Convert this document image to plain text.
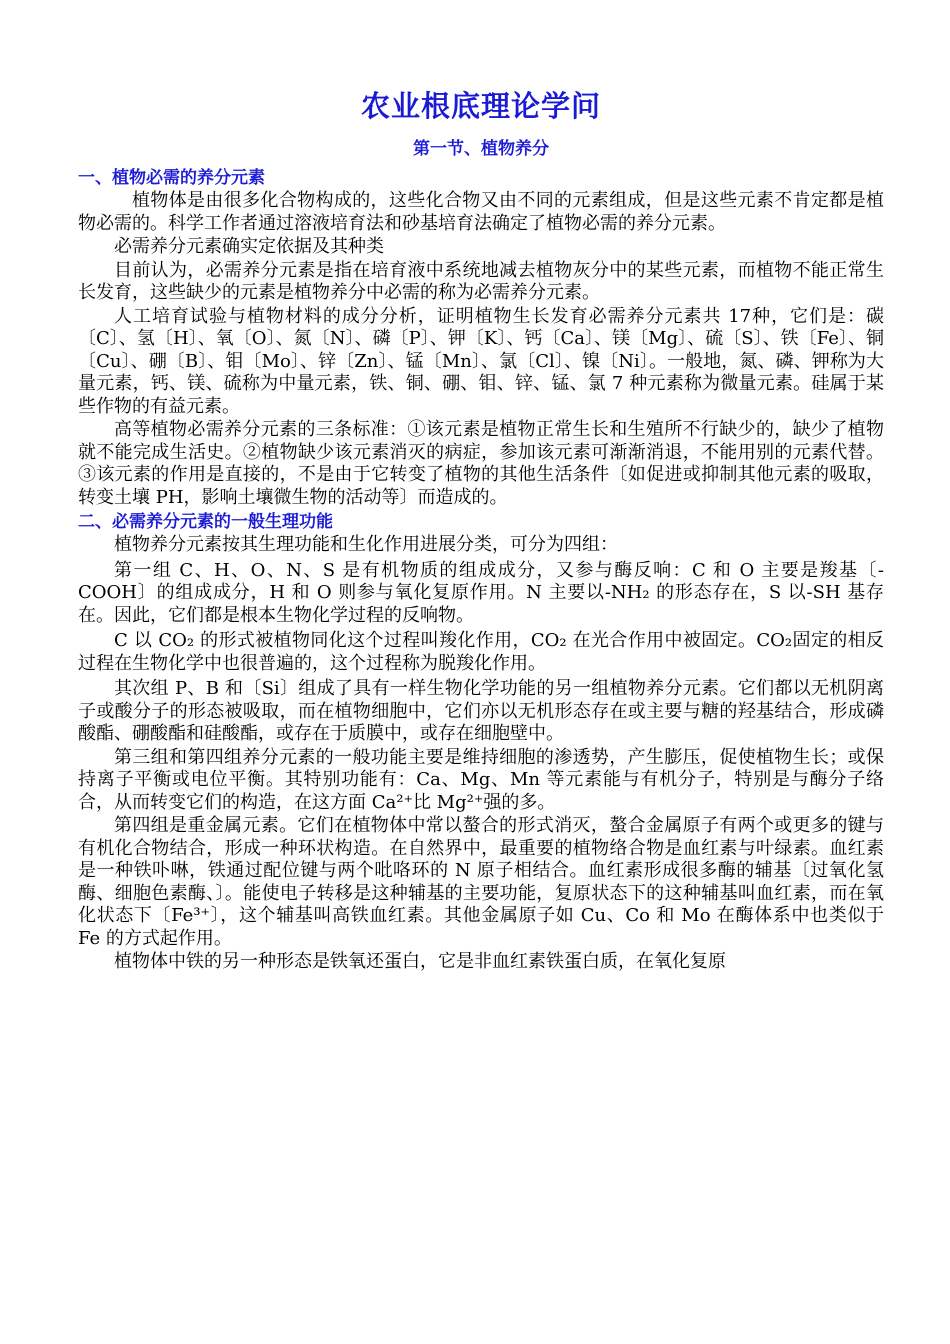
农业根底理论学问
第一节、植物养分
一、植物必需的养分元素

植物体是由很多化合物构成的，这些化合物又由不同的元素组成，但是这些元素不肯定都是植物必需的。科学工作者通过溶液培育法和砂基培育法确定了植物必需的养分元素。

必需养分元素确实定依据及其种类

目前认为，必需养分元素是指在培育液中系统地减去植物灰分中的某些元素，而植物不能正常生长发育，这些缺少的元素是植物养分中必需的称为必需养分元素。

人工培育试验与植物材料的成分分析，证明植物生长发育必需养分元素共 17种，它们是：碳〔C〕、氢〔H〕、氧〔O〕、氮〔N〕、磷〔P〕、钾〔K〕、钙〔Ca〕、镁〔Mg〕、硫〔S〕、铁〔Fe〕、铜〔Cu〕、硼〔B〕、钼〔Mo〕、锌〔Zn〕、锰〔Mn〕、氯〔Cl〕、镍〔Ni〕。一般地，氮、磷、钾称为大量元素，钙、镁、硫称为中量元素，铁、铜、硼、钼、锌、锰、氯 7 种元素称为微量元素。硅属于某些作物的有益元素。

高等植物必需养分元素的三条标准：①该元素是植物正常生长和生殖所不行缺少的，缺少了植物就不能完成生活史。②植物缺少该元素消灭的病症，参加该元素可渐渐消退，不能用别的元素代替。③该元素的作用是直接的，不是由于它转变了植物的其他生活条件〔如促进或抑制其他元素的吸取，转变土壤 PH，影响土壤微生物的活动等〕而造成的。

二、必需养分元素的一般生理功能

植物养分元素按其生理功能和生化作用进展分类，可分为四组：

第一组 C、H、O、N、S 是有机物质的组成成分，又参与酶反响：C 和 O 主要是羧基〔-COOH〕的组成成分，H 和 O 则参与氧化复原作用。N 主要以-NH₂ 的形态存在，S 以-SH 基存在。因此，它们都是根本生物化学过程的反响物。

C 以 CO₂ 的形式被植物同化这个过程叫羧化作用，CO₂ 在光合作用中被固定。CO₂固定的相反过程在生物化学中也很普遍的，这个过程称为脱羧化作用。

其次组 P、B 和〔Si〕组成了具有一样生物化学功能的另一组植物养分元素。它们都以无机阴离子或酸分子的形态被吸取，而在植物细胞中，它们亦以无机形态存在或主要与糖的羟基结合，形成磷酸酯、硼酸酯和硅酸酯，或存在于质膜中，或存在细胞壁中。

第三组和第四组养分元素的一般功能主要是维持细胞的渗透势，产生膨压，促使植物生长；或保持离子平衡或电位平衡。其特别功能有：Ca、Mg、Mn 等元素能与有机分子，特别是与酶分子络合，从而转变它们的构造，在这方面 Ca²⁺比 Mg²⁺强的多。

第四组是重金属元素。它们在植物体中常以螯合的形式消灭，螯合金属原子有两个或更多的键与有机化合物结合，形成一种环状构造。在自然界中，最重要的植物络合物是血红素与叶绿素。血红素是一种铁卟啉，铁通过配位键与两个吡咯环的 N 原子相结合。血红素形成很多酶的辅基〔过氧化氢酶、细胞色素酶、〕。能使电子转移是这种辅基的主要功能，复原状态下的这种辅基叫血红素，而在氧化状态下〔Fe³⁺〕，这个辅基叫高铁血红素。其他金属原子如 Cu、Co 和 Mo 在酶体系中也类似于 Fe 的方式起作用。

植物体中铁的另一种形态是铁氧还蛋白，它是非血红素铁蛋白质，在氧化复原
